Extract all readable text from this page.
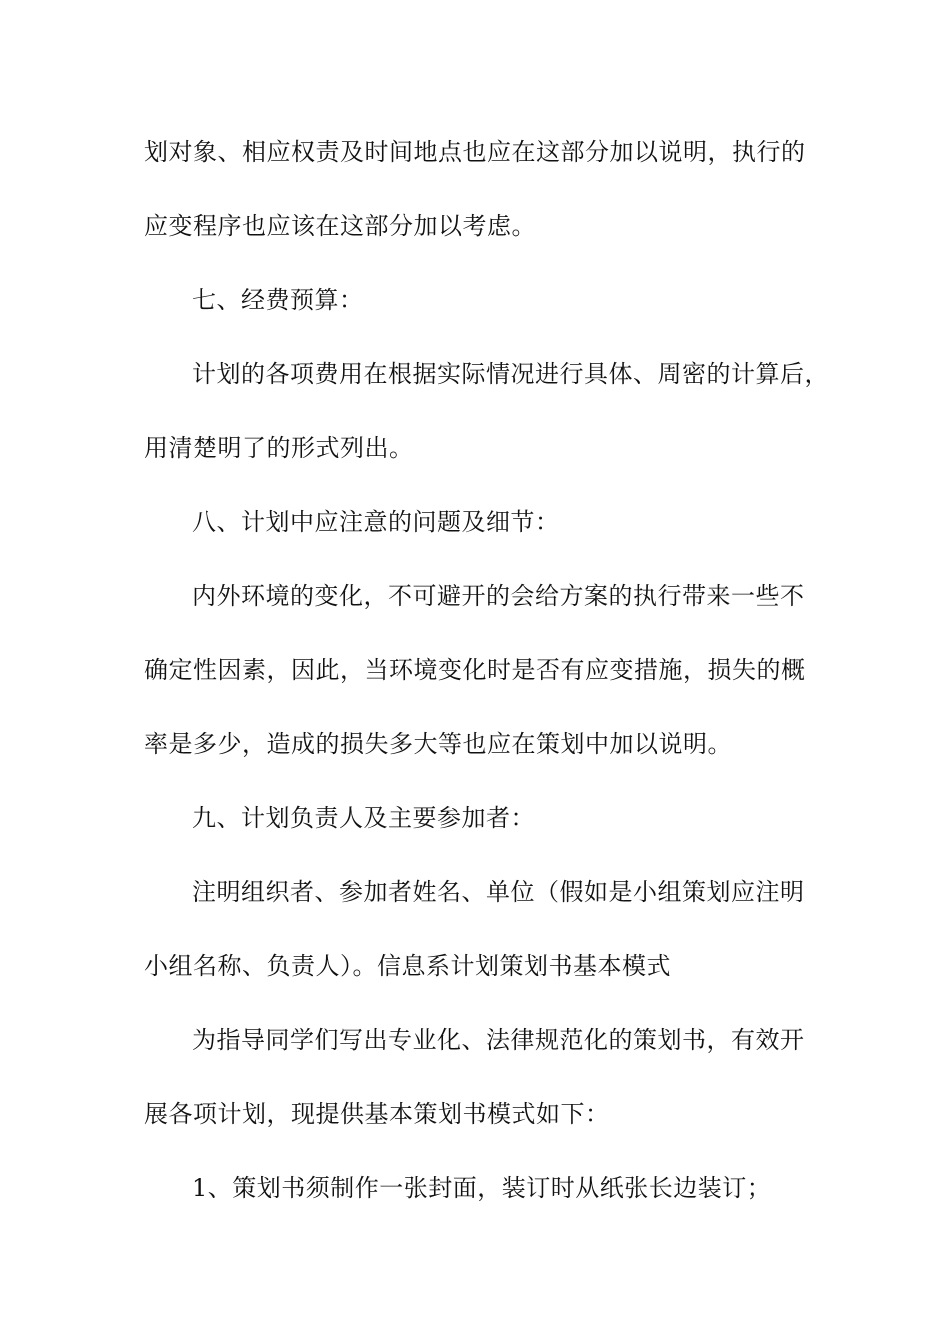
划对象、相应权责及时间地点也应在这部分加以说明，执行的
应变程序也应该在这部分加以考虑。
七、经费预算：
计划的各项费用在根据实际情况进行具体、周密的计算后，
用清楚明了的形式列出。
八、计划中应注意的问题及细节：
内外环境的变化，不可避开的会给方案的执行带来一些不
确定性因素，因此，当环境变化时是否有应变措施，损失的概
率是多少，造成的损失多大等也应在策划中加以说明。
九、计划负责人及主要参加者：
注明组织者、参加者姓名、单位（假如是小组策划应注明
小组名称、负责人）。信息系计划策划书基本模式
为指导同学们写出专业化、法律规范化的策划书，有效开
展各项计划，现提供基本策划书模式如下：
1、策划书须制作一张封面，装订时从纸张长边装订；
